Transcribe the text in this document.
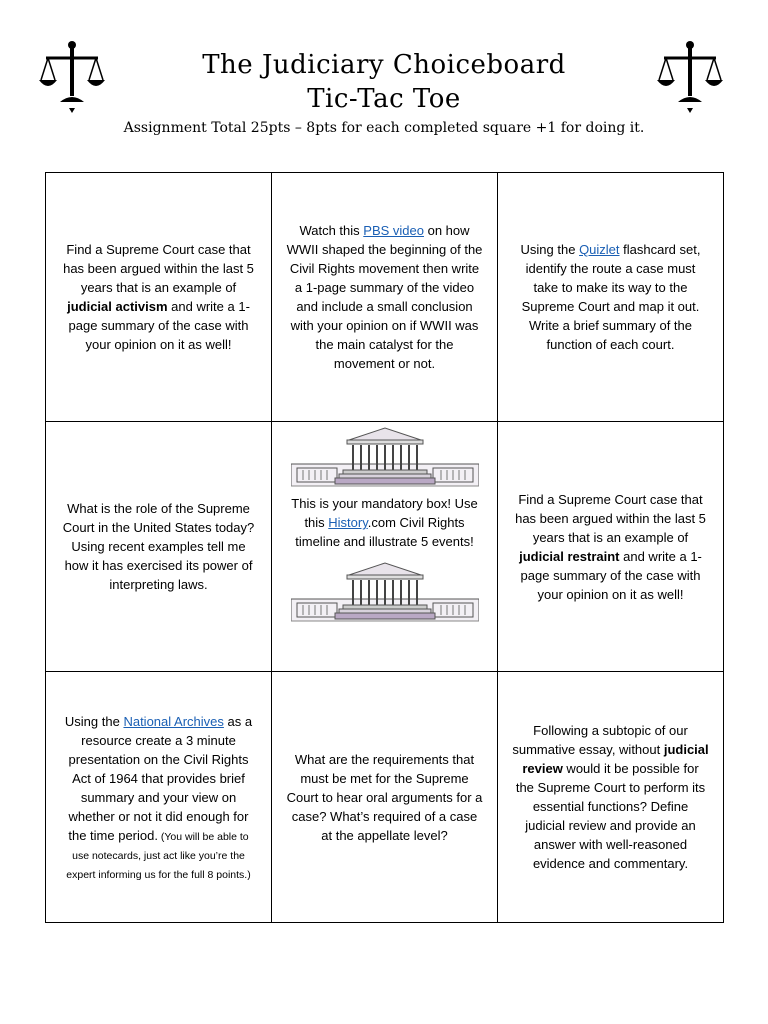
The Judiciary Choiceboard
Tic-Tac Toe
Assignment Total 25pts – 8pts for each completed square +1 for doing it.
Find a Supreme Court case that has been argued within the last 5 years that is an example of judicial activism and write a 1-page summary of the case with your opinion on it as well!
Watch this PBS video on how WWII shaped the beginning of the Civil Rights movement then write a 1-page summary of the video and include a small conclusion with your opinion on if WWII was the main catalyst for the movement or not.
Using the Quizlet flashcard set, identify the route a case must take to make its way to the Supreme Court and map it out. Write a brief summary of the function of each court.
What is the role of the Supreme Court in the United States today? Using recent examples tell me how it has exercised its power of interpreting laws.
This is your mandatory box! Use this History.com Civil Rights timeline and illustrate 5 events!
Find a Supreme Court case that has been argued within the last 5 years that is an example of judicial restraint and write a 1-page summary of the case with your opinion on it as well!
Using the National Archives as a resource create a 3 minute presentation on the Civil Rights Act of 1964 that provides brief summary and your view on whether or not it did enough for the time period. (You will be able to use notecards, just act like you’re the expert informing us for the full 8 points.)
What are the requirements that must be met for the Supreme Court to hear oral arguments for a case? What’s required of a case at the appellate level?
Following a subtopic of our summative essay, without judicial review would it be possible for the Supreme Court to perform its essential functions? Define judicial review and provide an answer with well-reasoned evidence and commentary.
